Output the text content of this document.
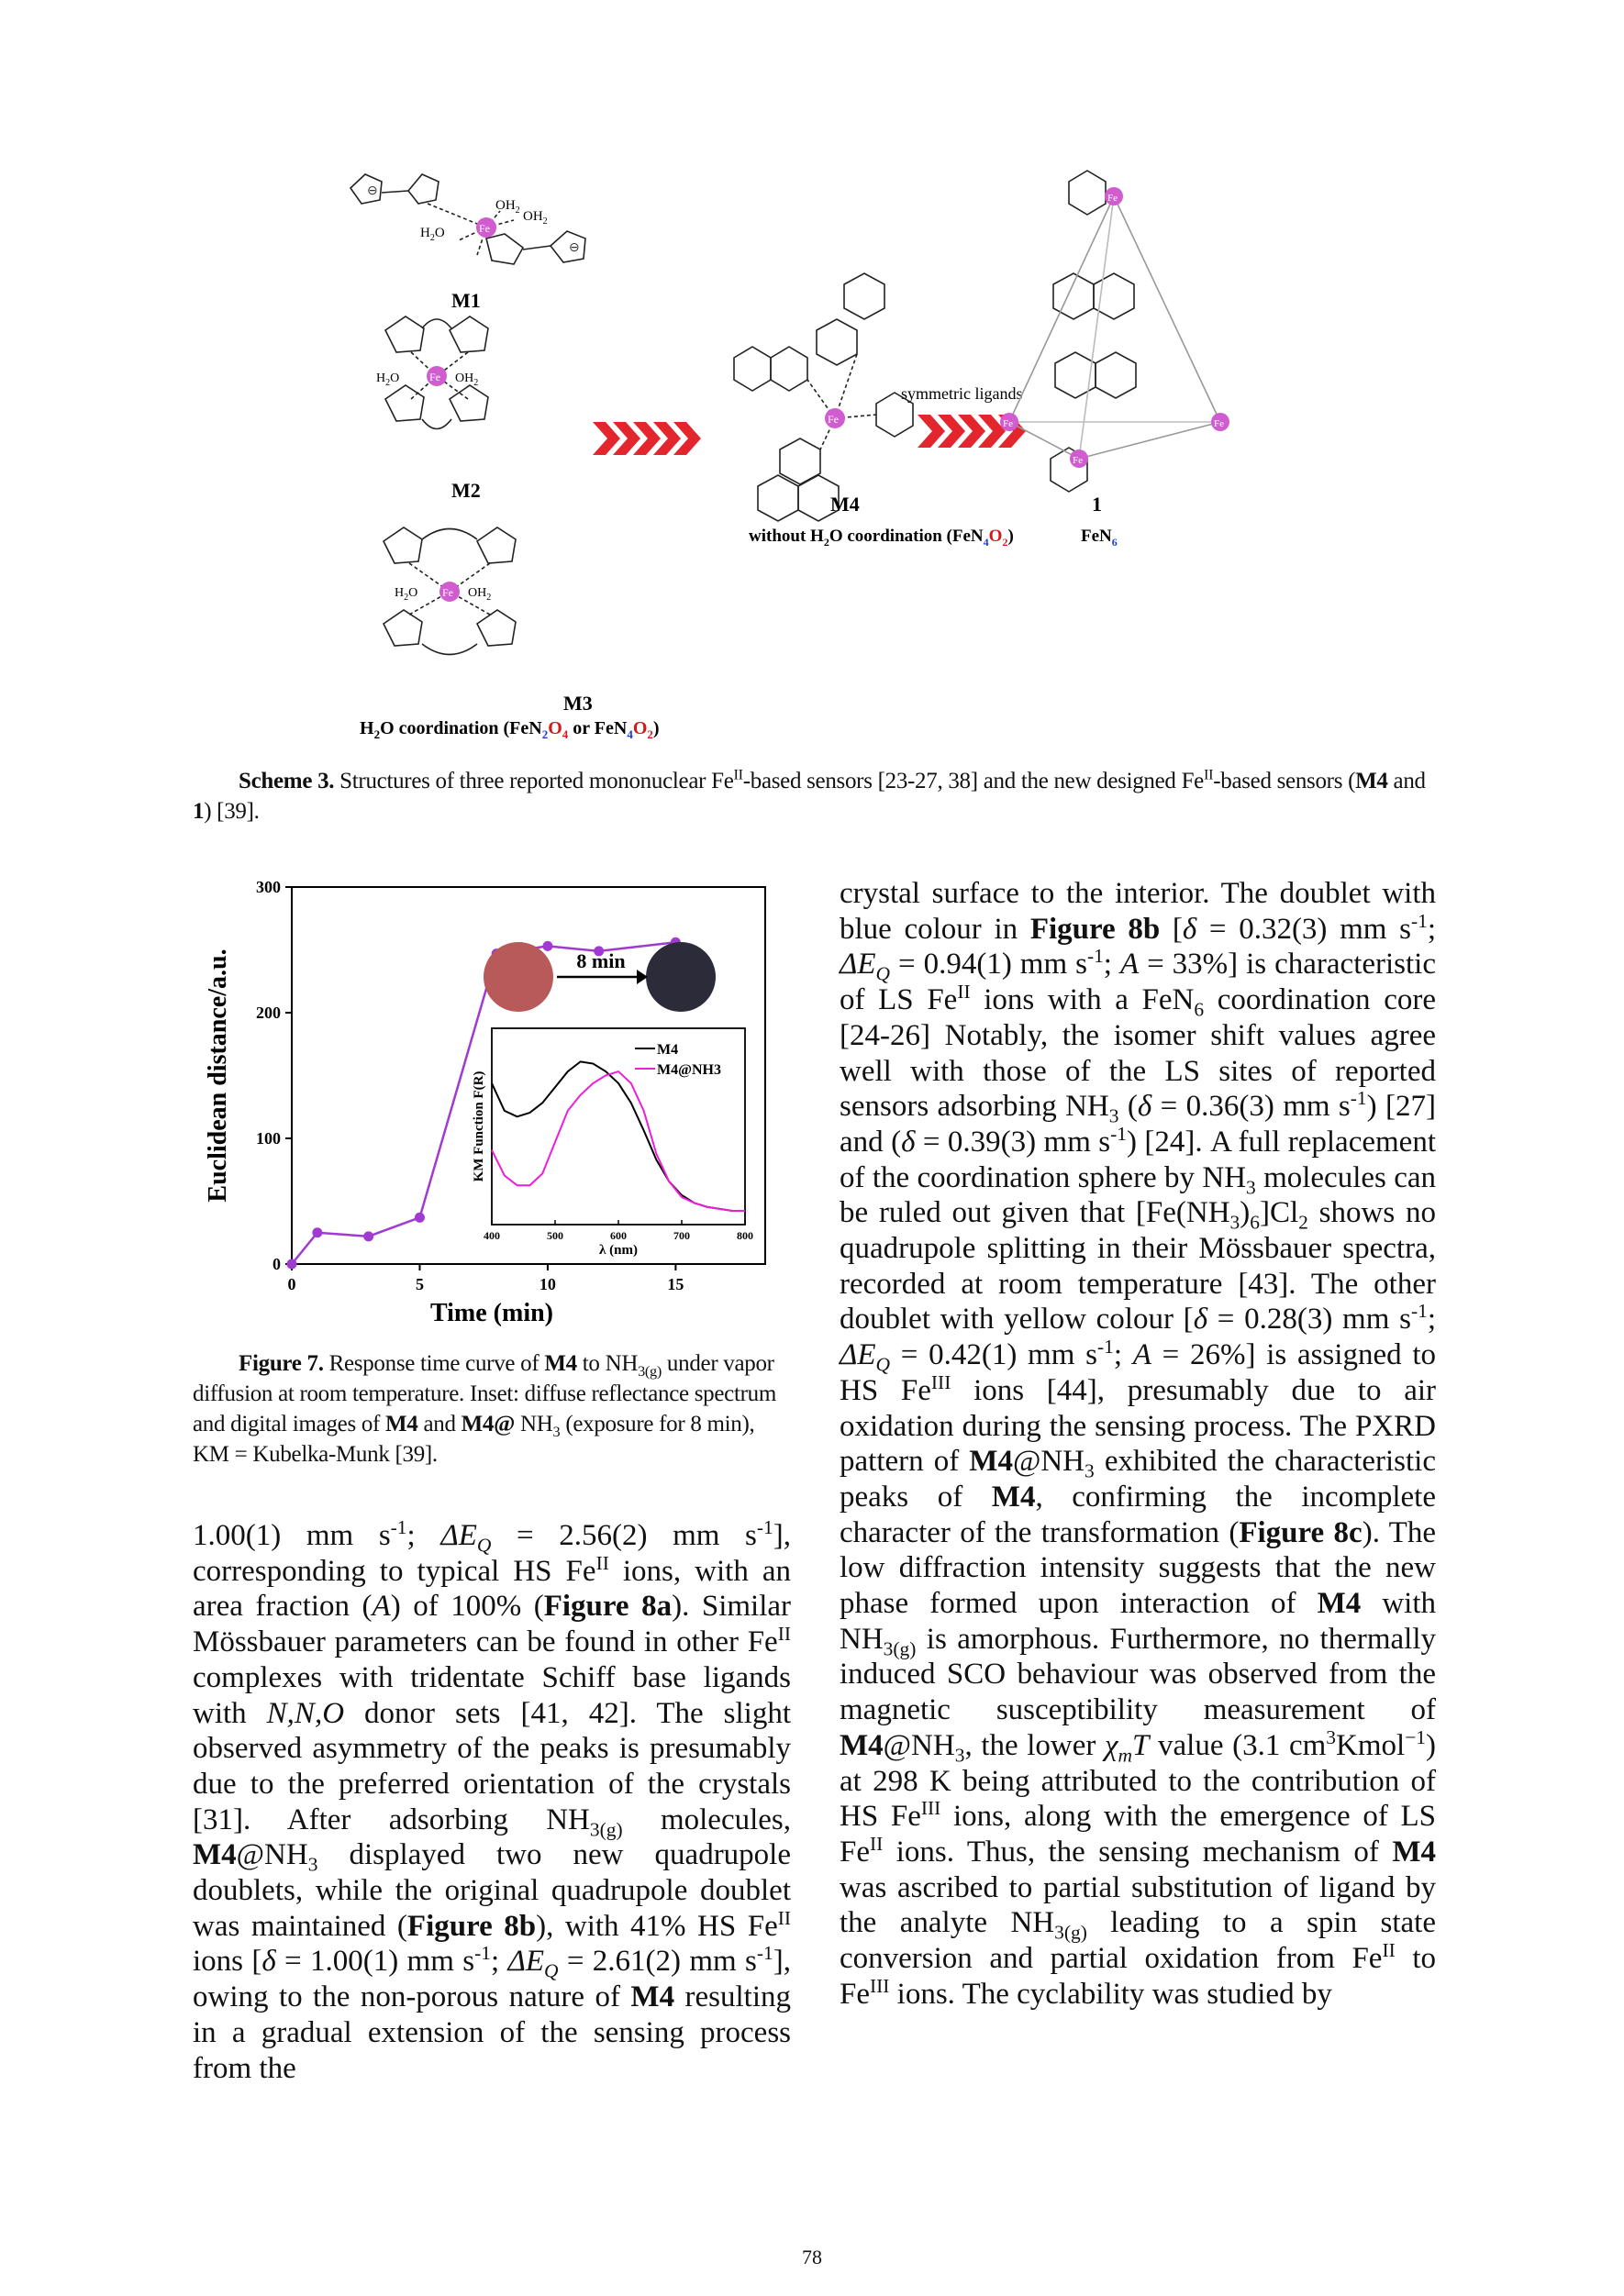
Fe
$H_2O$
$OH_2$ $OH_2$
⊖
⊖
M1
Fe
$H_2O$	$OH_2$
M2
Fe
$H_2O$	$OH_2$
M3
$H_2O$ coordination ($FeN_2O_4$ or $FeN_4O_2$)
symmetric ligands
Fe
M4
without $H_2O$ coordination $(FeN_4O_2)$
Fe
Fe	Fe
Fe
1
FeN$_6$
Scheme 3. Structures of three reported mononuclear $Fe^{II}$-based sensors [23-27, 38] and the new designed $Fe^{II}$-based sensors (M4 and 1) [39].
0
100
200
300
0	5	10	15
Time (min)
Euclidean distance/a.u.	8 min
400	500	600	700	800
λ (nm)
KM Function F(R)
M4
M4@NH3
Figure 7. Response time curve of M4 to $NH_{3(g)}$ under vapor diffusion at room temperature. Inset: diffuse reflectance spectrum and digital images of M4 and M4@ $NH_3$ (exposure for 8 min), KM = Kubelka-Munk [39].

1.00(1) mm $s^{-1}$; $\Delta E_Q = 2.56(2)$ mm $s^{-1}$], corresponding to typical HS $Fe^{II}$ ions, with an area fraction (A) of 100% (Figure 8a). Similar Mössbauer parameters can be found in other $Fe^{II}$ complexes with tridentate Schiff base ligands with N,N,O donor sets [41, 42]. The slight observed asymmetry of the peaks is presumably due to the preferred orientation of the crystals [31]. After adsorbing $NH_{3(g)}$ molecules, $M4@NH_3$ displayed two new quadrupole doublets, while the original quadrupole doublet was maintained (Figure 8b), with 41% HS $Fe^{II}$ ions [δ = 1.00(1) mm $s^{-1}$; $\Delta E_Q = 2.61(2)$ mm $s^{-1}$], owing to the non-porous nature of M4 resulting in a gradual extension of the sensing process from the

crystal surface to the interior. The doublet with blue colour in Figure 8b [δ = 0.32(3) mm $s^{-1}$; $\Delta E_Q = 0.94(1)$ mm $s^{-1}$; A = 33%] is characteristic of LS $Fe^{II}$ ions with a FeN$_6$ coordination core [24-26] Notably, the isomer shift values agree well with those of the LS sites of reported sensors adsorbing $NH_3$ (δ = 0.36(3) mm $s^{-1}$) [27] and (δ = 0.39(3) mm $s^{-1}$) [24]. A full replacement of the coordination sphere by $NH_3$ molecules can be ruled out given that $[Fe(NH_3)_6]Cl_2$ shows no quadrupole splitting in their Mössbauer spectra, recorded at room temperature [43]. The other doublet with yellow colour [δ = 0.28(3) mm $s^{-1}$; $\Delta E_Q = 0.42(1)$ mm $s^{-1}$; A = 26%] is assigned to HS $Fe^{III}$ ions [44], presumably due to air oxidation during the sensing process. The PXRD pattern of $M4@NH_3$ exhibited the characteristic peaks of M4, confirming the incomplete character of the transformation (Figure 8c). The low diffraction intensity suggests that the new phase formed upon interaction of M4 with $NH_{3(g)}$ is amorphous. Furthermore, no thermally induced SCO behaviour was observed from the magnetic susceptibility measurement of $M4@NH_3$, the lower $\chi_mT$ value (3.1 $cm^3Kmol^{-1}$) at 298 K being attributed to the contribution of HS $Fe^{III}$ ions, along with the emergence of LS $Fe^{II}$ ions. Thus, the sensing mechanism of M4 was ascribed to partial substitution of ligand by the analyte $NH_{3(g)}$ leading to a spin state conversion and partial oxidation from $Fe^{II}$ to $Fe^{III}$ ions. The cyclability was studied by

78
